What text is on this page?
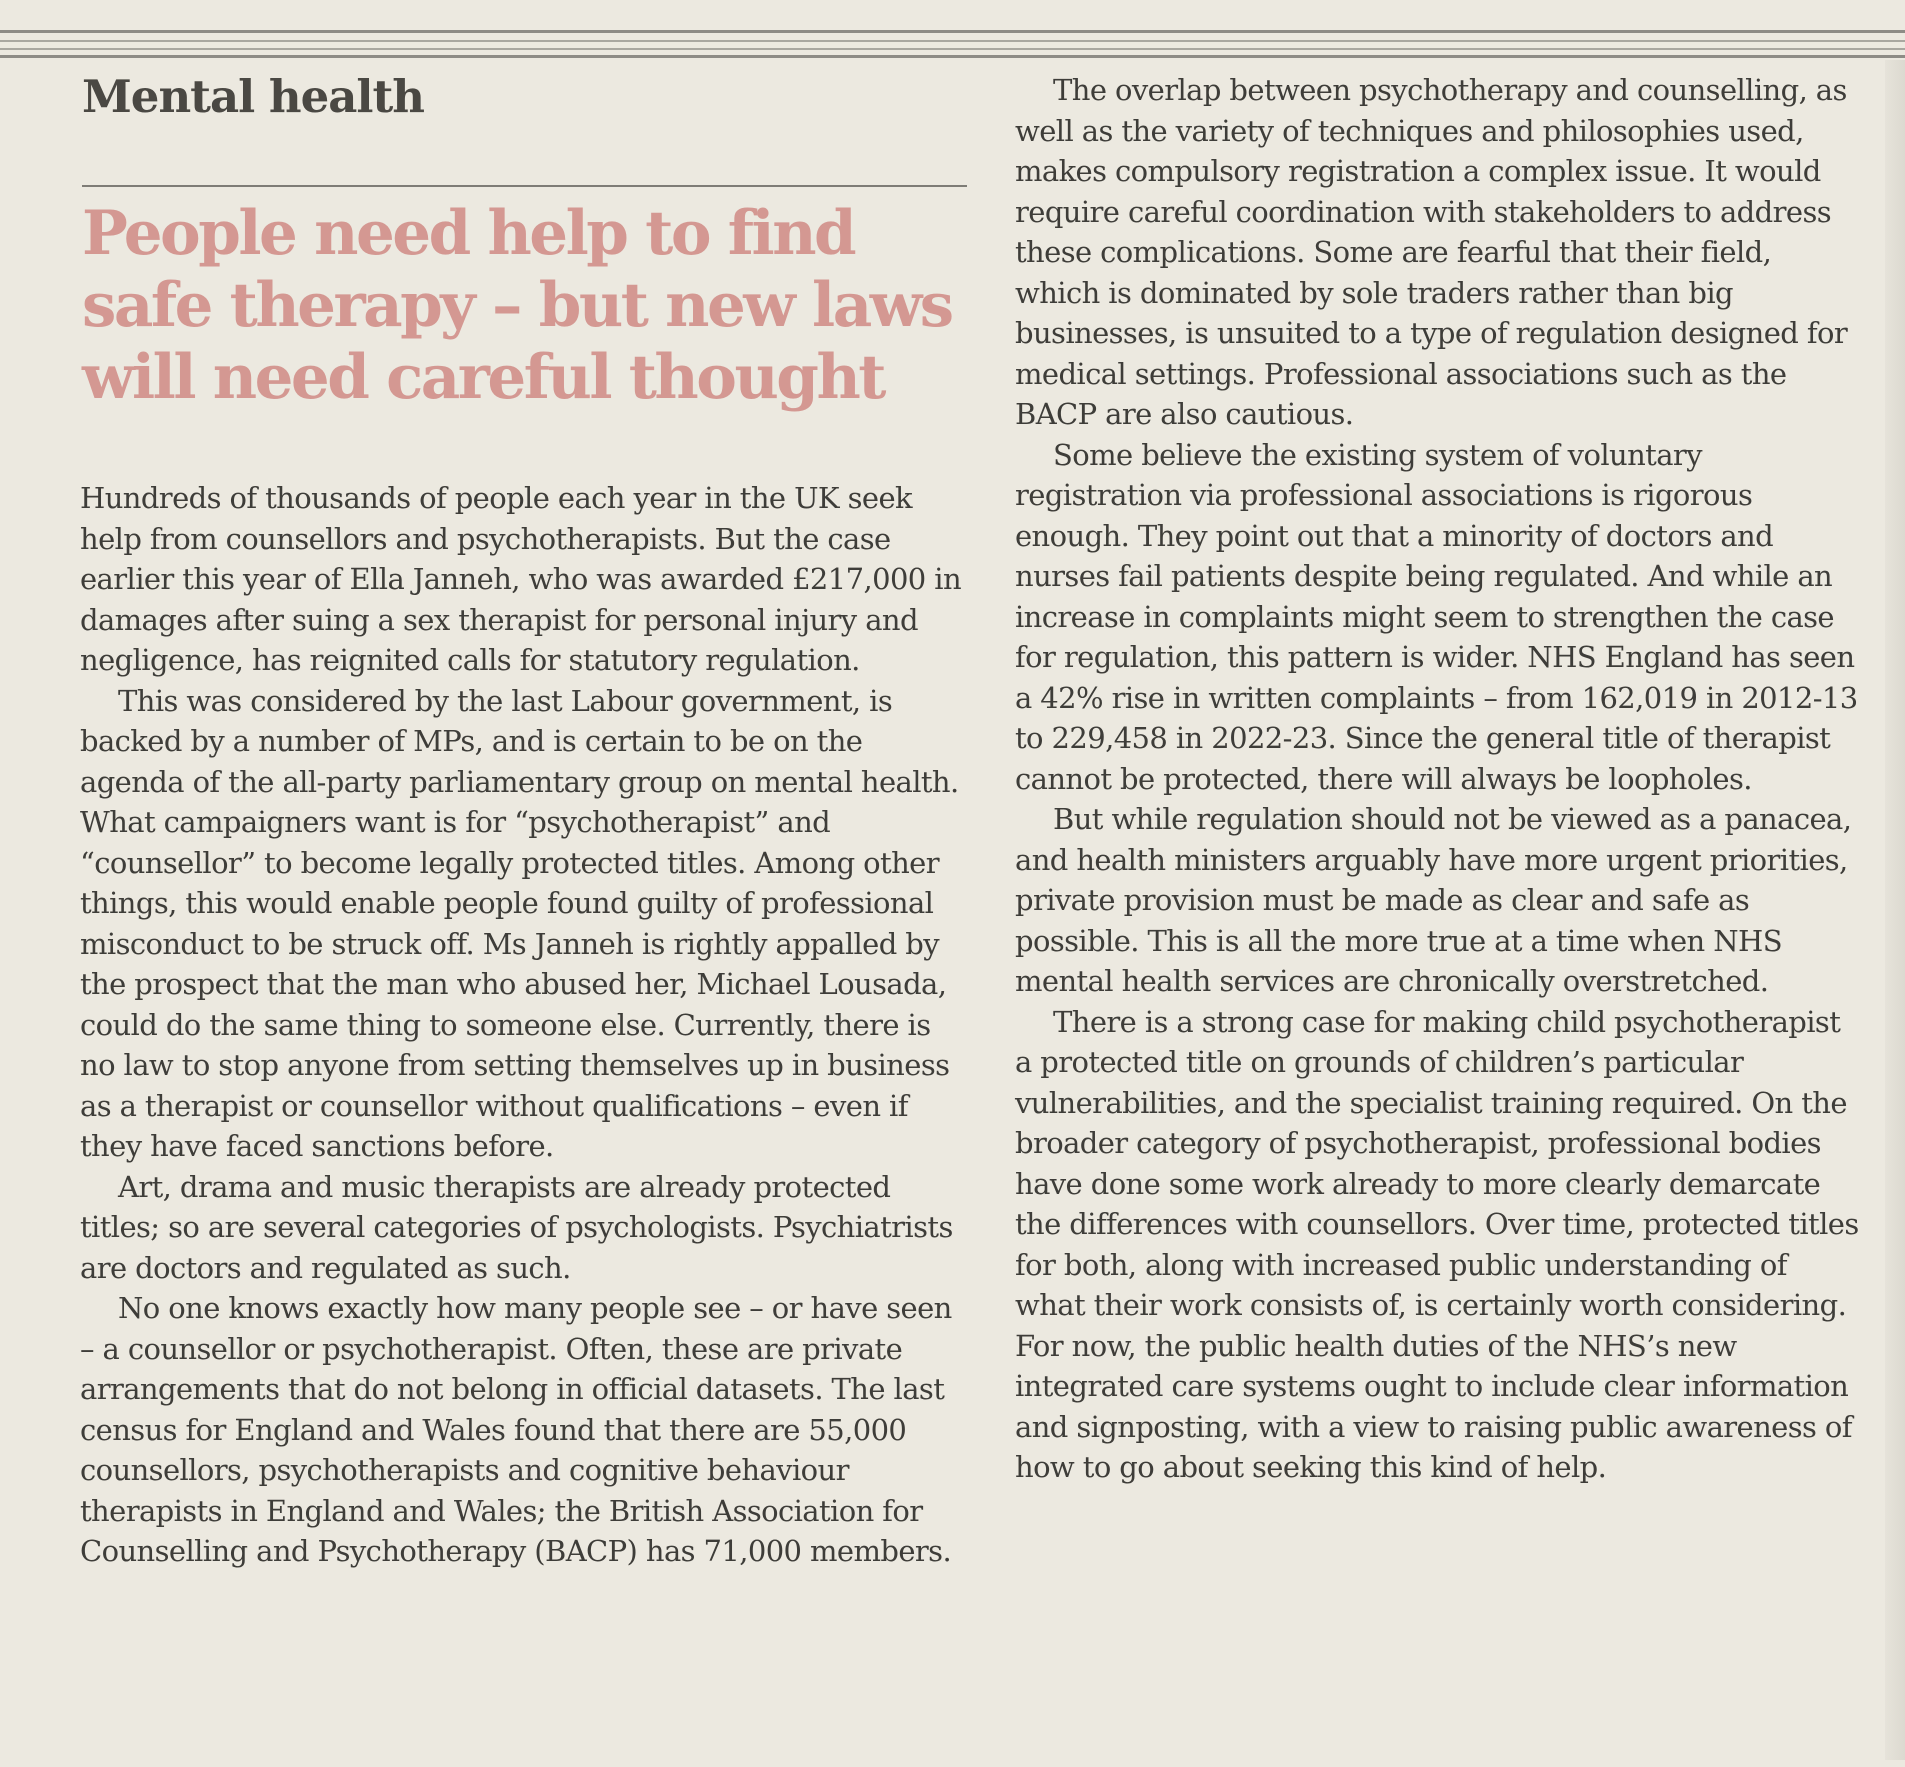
Mental health
People need help to find safe therapy – but new laws will need careful thought

Hundreds of thousands of people each year in the UK seek help from counsellors and psychotherapists. But the case earlier this year of Ella Janneh, who was awarded £217,000 in damages after suing a sex therapist for personal injury and negligence, has reignited calls for statutory regulation.

This was considered by the last Labour government, is backed by a number of MPs, and is certain to be on the agenda of the all-party parliamentary group on mental health. What campaigners want is for “psychotherapist” and “counsellor” to become legally protected titles. Among other things, this would enable people found guilty of professional misconduct to be struck off. Ms Janneh is rightly appalled by the prospect that the man who abused her, Michael Lousada, could do the same thing to someone else. Currently, there is no law to stop anyone from setting themselves up in business as a therapist or counsellor without qualifications – even if they have faced sanctions before.

Art, drama and music therapists are already protected titles; so are several categories of psychologists. Psychiatrists are doctors and regulated as such.

No one knows exactly how many people see – or have seen – a counsellor or psychotherapist. Often, these are private arrangements that do not belong in official datasets. The last census for England and Wales found that there are 55,000 counsellors, psychotherapists and cognitive behaviour therapists in England and Wales; the British Association for Counselling and Psychotherapy (BACP) has 71,000 members.

The overlap between psychotherapy and counselling, as well as the variety of techniques and philosophies used, makes compulsory registration a complex issue. It would require careful coordination with stakeholders to address these complications. Some are fearful that their field, which is dominated by sole traders rather than big businesses, is unsuited to a type of regulation designed for medical settings. Professional associations such as the BACP are also cautious.

Some believe the existing system of voluntary registration via professional associations is rigorous enough. They point out that a minority of doctors and nurses fail patients despite being regulated. And while an increase in complaints might seem to strengthen the case for regulation, this pattern is wider. NHS England has seen a 42% rise in written complaints – from 162,019 in 2012-13 to 229,458 in 2022-23. Since the general title of therapist cannot be protected, there will always be loopholes.

But while regulation should not be viewed as a panacea, and health ministers arguably have more urgent priorities, private provision must be made as clear and safe as possible. This is all the more true at a time when NHS mental health services are chronically overstretched.

There is a strong case for making child psychotherapist a protected title on grounds of children’s particular vulnerabilities, and the specialist training required. On the broader category of psychotherapist, professional bodies have done some work already to more clearly demarcate the differences with counsellors. Over time, protected titles for both, along with increased public understanding of what their work consists of, is certainly worth considering. For now, the public health duties of the NHS’s new integrated care systems ought to include clear information and signposting, with a view to raising public awareness of how to go about seeking this kind of help.
